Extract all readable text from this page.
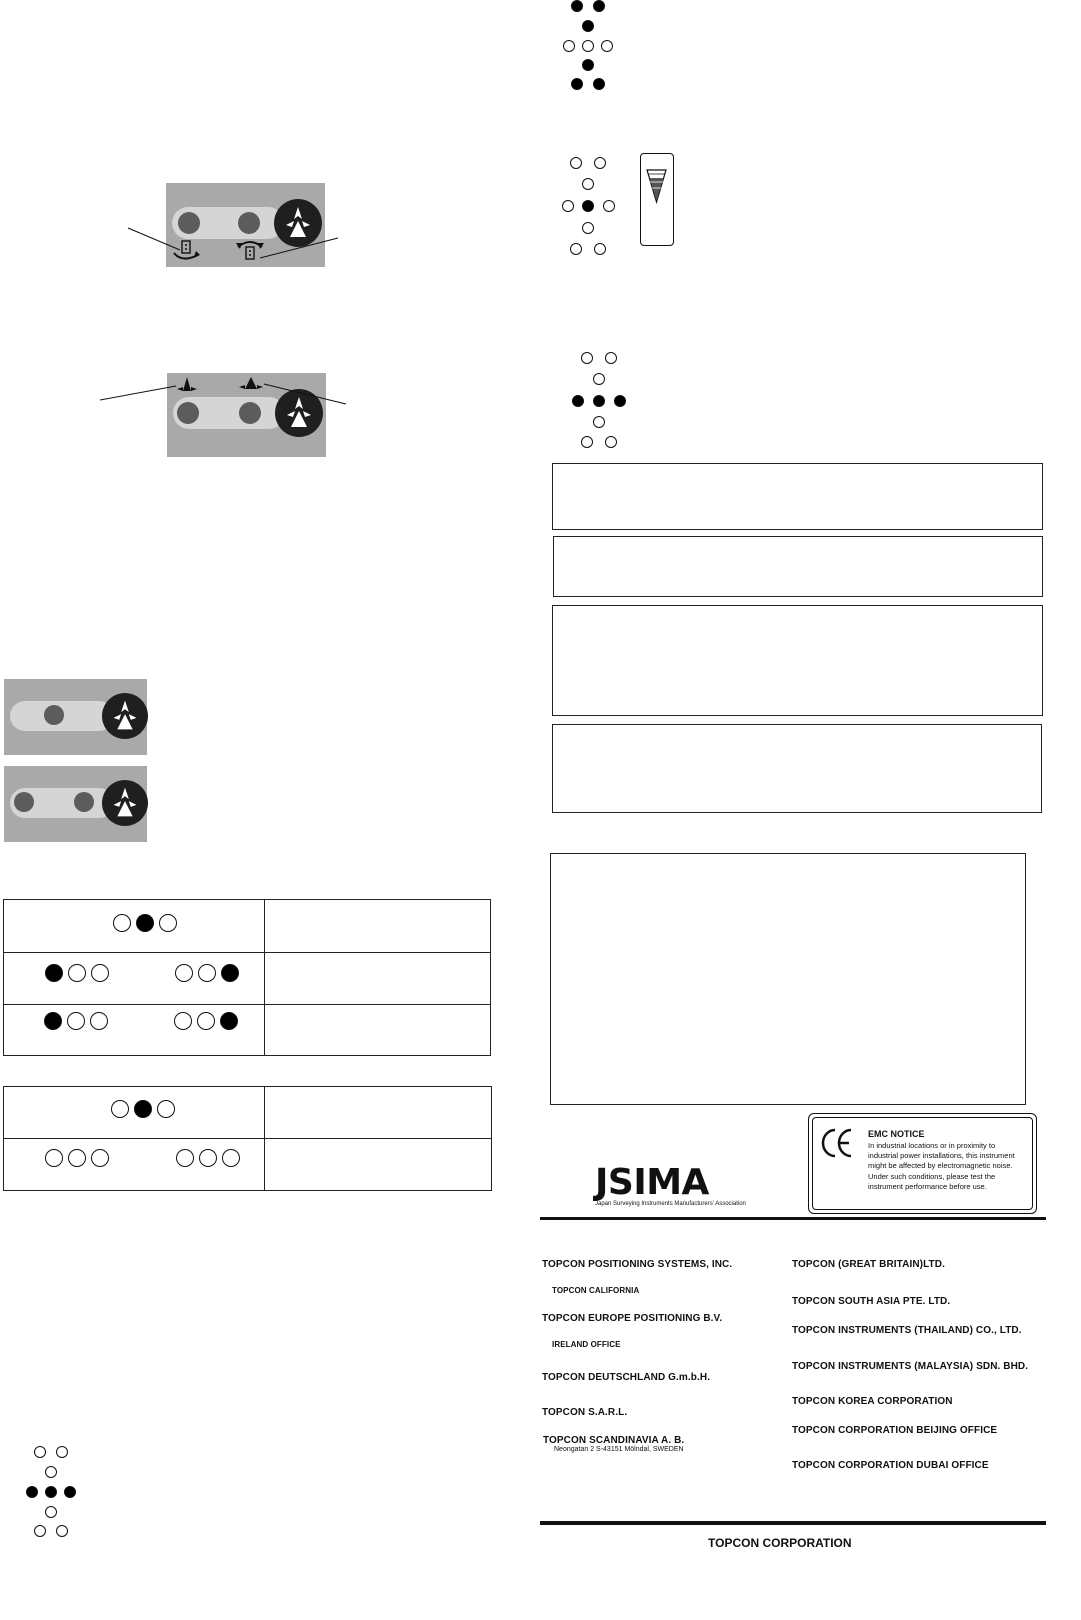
JSIMA
Japan Surveying Instruments Manufacturers' Association
EMC NOTICE
In industrial locations or in proximity to
industrial power installations, this instrument
might be affected by electromagnetic noise.
Under such conditions, please test the
instrument performance before use.
TOPCON POSITIONING SYSTEMS, INC.
TOPCON CALIFORNIA
TOPCON EUROPE POSITIONING B.V.
IRELAND OFFICE
TOPCON DEUTSCHLAND G.m.b.H.
TOPCON S.A.R.L.
TOPCON SCANDINAVIA A. B.
Neongatan 2 S-43151 Mölndal, SWEDEN
TOPCON (GREAT BRITAIN)LTD.
TOPCON SOUTH ASIA PTE. LTD.
TOPCON INSTRUMENTS (THAILAND) CO., LTD.
TOPCON INSTRUMENTS (MALAYSIA) SDN. BHD.
TOPCON KOREA CORPORATION
TOPCON CORPORATION BEIJING OFFICE
TOPCON CORPORATION DUBAI OFFICE
TOPCON CORPORATION
